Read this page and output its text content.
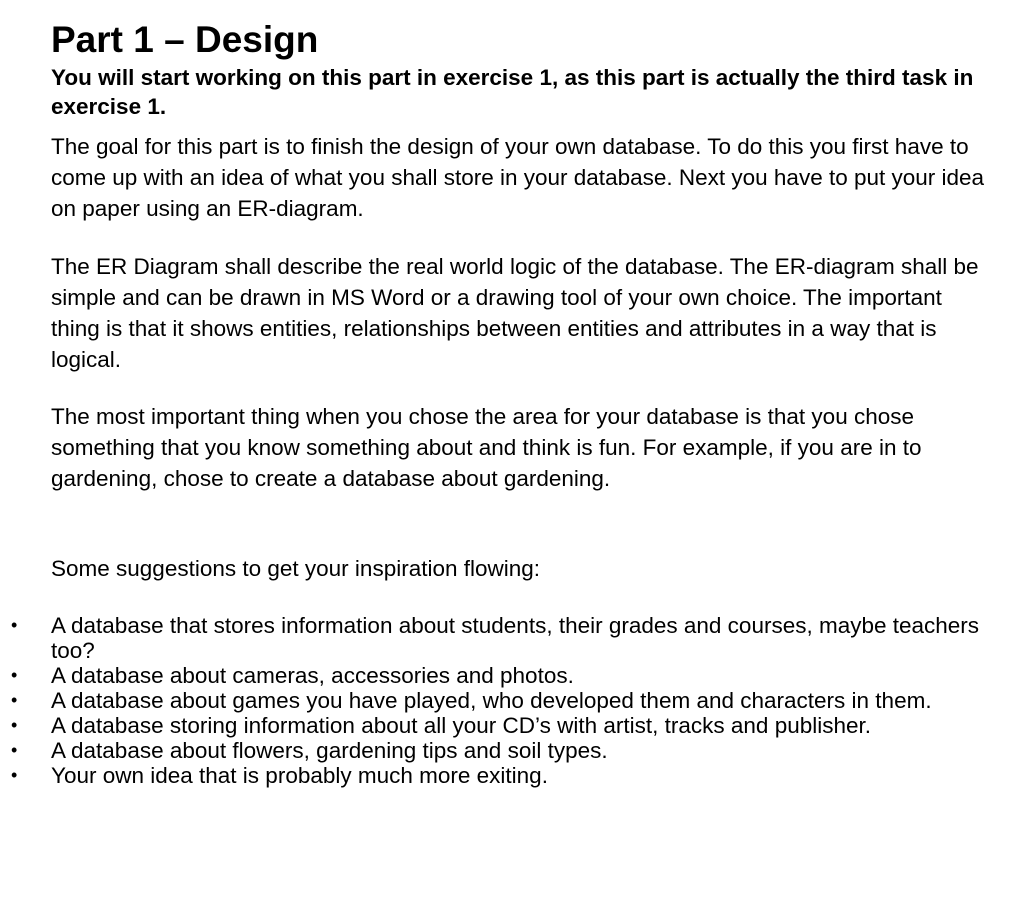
Part 1 – Design

You will start working on this part in exercise 1, as this part is actually the third task in exercise 1.

The goal for this part is to finish the design of your own database. To do this you first have to come up with an idea of what you shall store in your database. Next you have to put your idea on paper using an ER-diagram.

The ER Diagram shall describe the real world logic of the database. The ER-diagram shall be simple and can be drawn in MS Word or a drawing tool of your own choice. The important thing is that it shows entities, relationships between entities and attributes in a way that is logical.

The most important thing when you chose the area for your database is that you chose something that you know something about and think is fun. For example, if you are in to gardening, chose to create a database about gardening.

Some suggestions to get your inspiration flowing:

• A database that stores information about students, their grades and courses, maybe teachers too?
• A database about cameras, accessories and photos.
• A database about games you have played, who developed them and characters in them.
• A database storing information about all your CD’s with artist, tracks and publisher.
• A database about flowers, gardening tips and soil types.
• Your own idea that is probably much more exiting.
